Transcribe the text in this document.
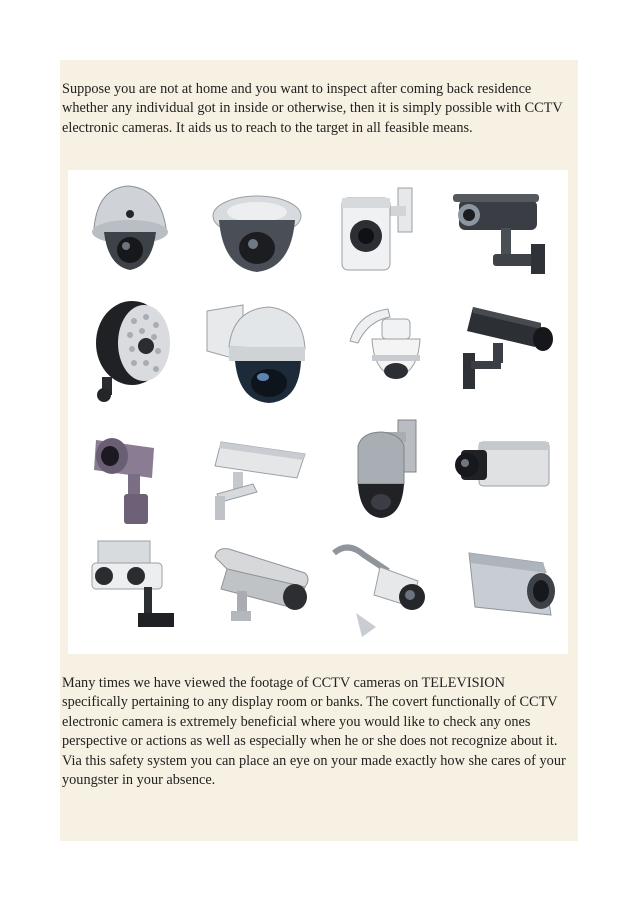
Suppose you are not at home and you want to inspect after coming back residence whether any individual got in inside or otherwise, then it is simply possible with CCTV electronic cameras. It aids us to reach to the target in all feasible means.

Many times we have viewed the footage of CCTV cameras on TELEVISION specifically pertaining to any display room or banks. The covert functionally of CCTV electronic camera is extremely beneficial where you would like to check any ones perspective or actions as well as especially when he or she does not recognize about it. Via this safety system you can place an eye on your made exactly how she cares of your youngster in your absence.
